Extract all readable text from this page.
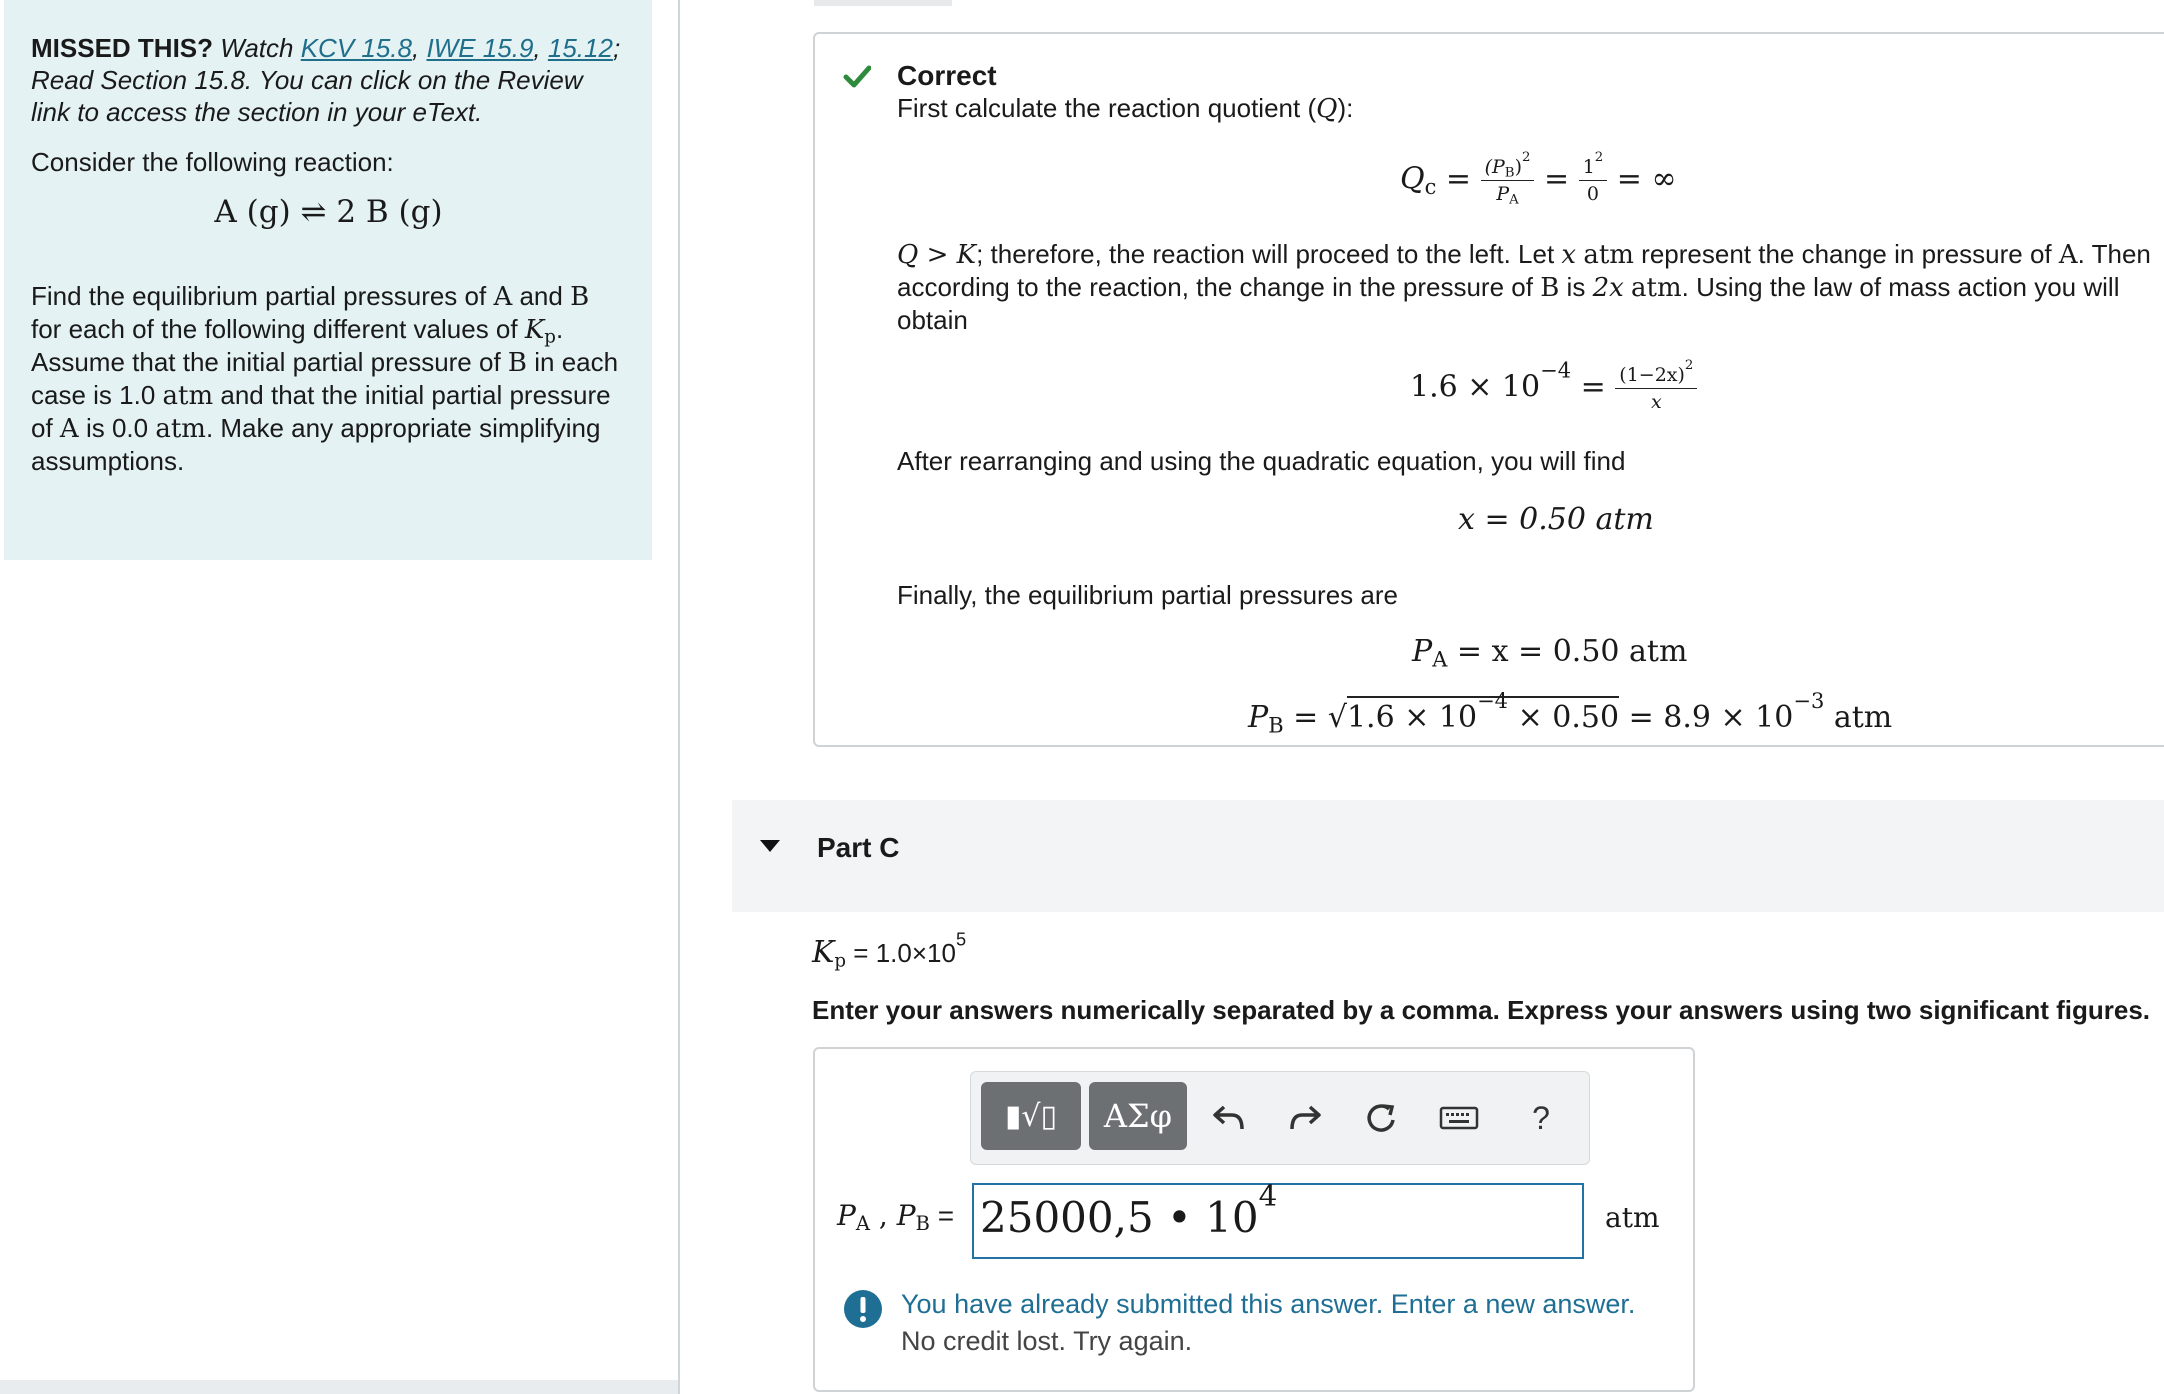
MISSED THIS? Watch KCV 15.8, IWE 15.9, 15.12; Read Section 15.8. You can click on the Review link to access the section in your eText.
Consider the following reaction:
A (g) ⇌ 2 B (g)
Find the equilibrium partial pressures of A and B for each of the following different values of $K_p$. Assume that the initial partial pressure of B in each case is 1.0 atm and that the initial partial pressure of A is 0.0 atm. Make any appropriate simplifying assumptions.
Correct
First calculate the reaction quotient (Q):
$Q_c = \frac{(P_B)^2}{P_A} = \frac{1^2}{0}$ = ∞
Q > K; therefore, the reaction will proceed to the left. Let x atm represent the change in pressure of A. Then according to the reaction, the change in the pressure of B is 2x atm. Using the law of mass action you will obtain
$1.6 \times 10^{-4} = \frac{(1-2x)^2}{x}$
After rearranging and using the quadratic equation, you will find
x = 0.50 atm
Finally, the equilibrium partial pressures are
$P_A = x = 0.50$ atm
$P_B = √1.6 \times 10^{-4} \times 0.50 = 8.9 \times 10^{-3}$ atm
Part C
$K_p = 1.0\times 10^5$
Enter your answers numerically separated by a comma. Express your answers using two significant figures.
▮√▯	ΑΣφ	?
$P_A$ , $P_B = 25000,5$ • $10^4$
atm
You have already submitted this answer. Enter a new answer.
No credit lost. Try again.
